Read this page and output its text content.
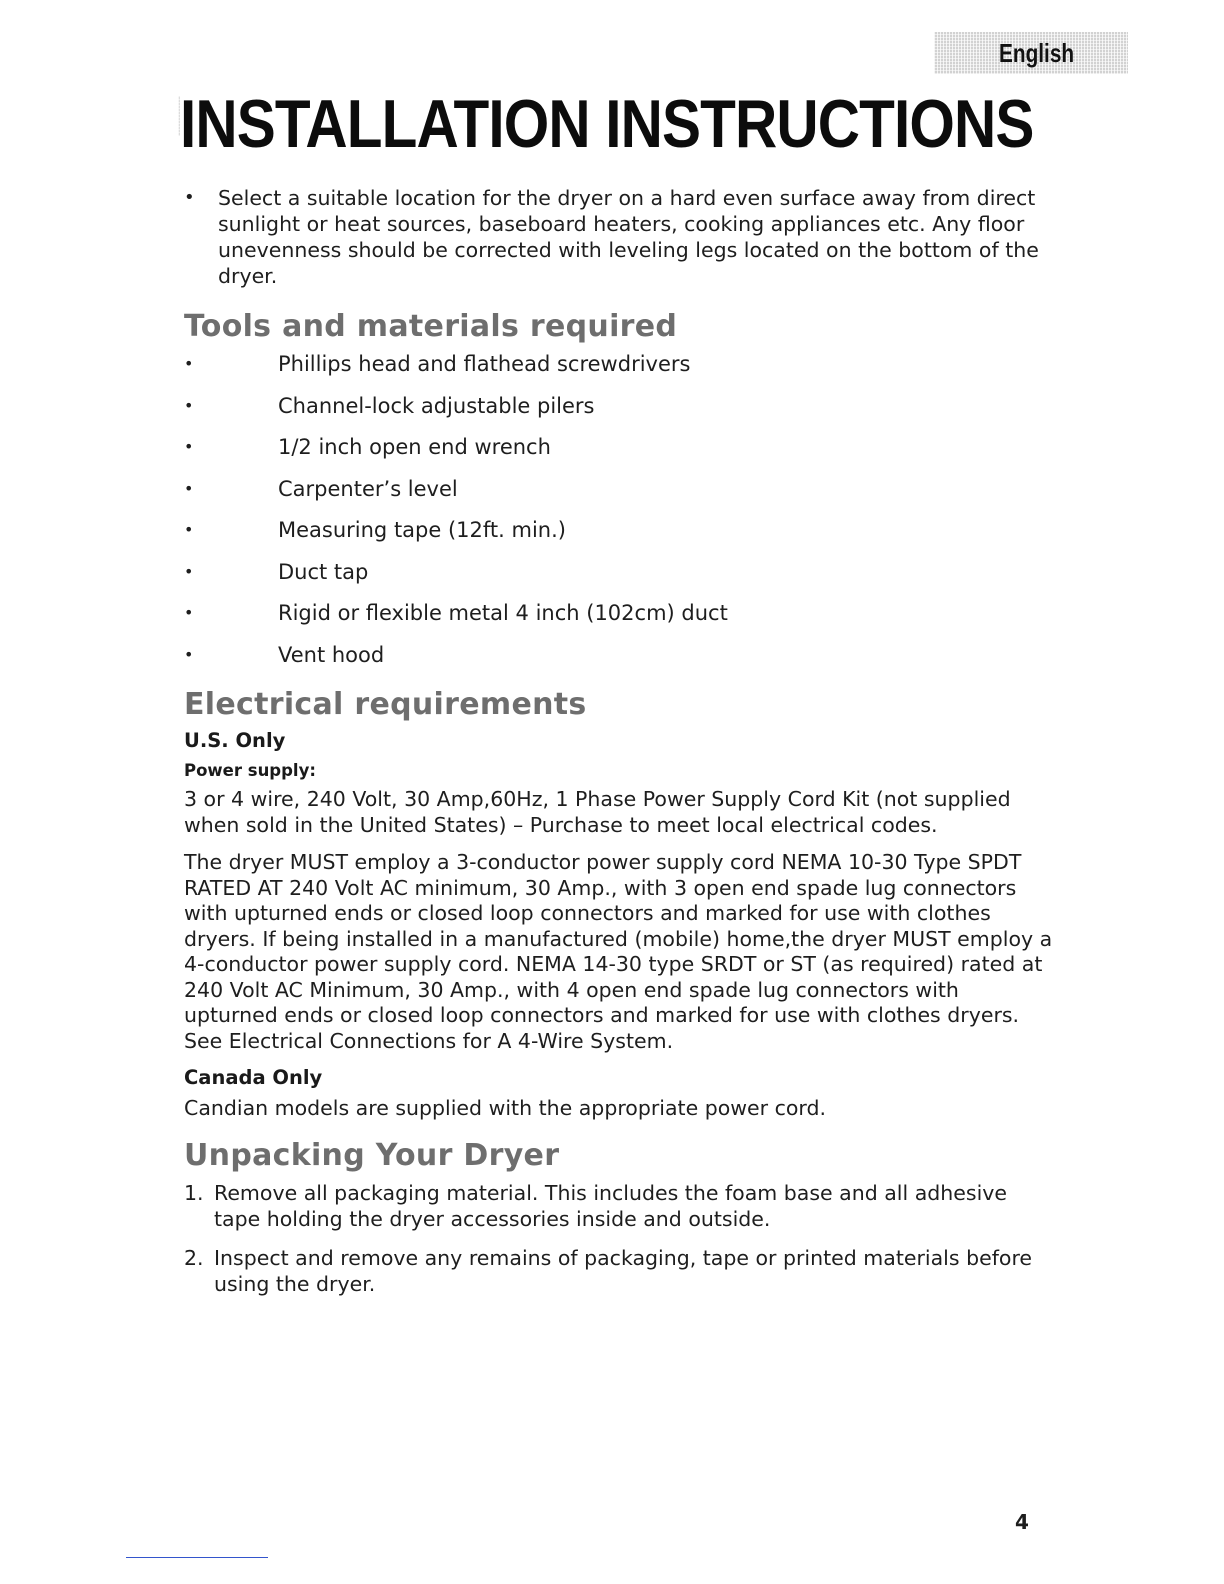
English
INSTALLATION INSTRUCTIONS
• Select a suitable location for the dryer on a hard even surface away from direct sunlight or heat sources, baseboard heaters, cooking appliances etc. Any floor unevenness should be corrected with leveling legs located on the bottom of the dryer.
Tools and materials required
•	Phillips head and flathead screwdrivers
•	Channel-lock adjustable pilers
•	1/2 inch open end wrench
•	Carpenter’s level
•	Measuring tape (12ft. min.)
•	Duct tap
•	Rigid or flexible metal 4 inch (102cm) duct
•	Vent hood
Electrical requirements
U.S. Only
Power supply:

3 or 4 wire, 240 Volt, 30 Amp,60Hz, 1 Phase Power Supply Cord Kit (not supplied when sold in the United States) – Purchase to meet local electrical codes.

The dryer MUST employ a 3-conductor power supply cord NEMA 10-30 Type SPDT RATED AT 240 Volt AC minimum, 30 Amp., with 3 open end spade lug connectors with upturned ends or closed loop connectors and marked for use with clothes dryers. If being installed in a manufactured (mobile) home,the dryer MUST employ a 4-conductor power supply cord. NEMA 14-30 type SRDT or ST (as required) rated at 240 Volt AC Minimum, 30 Amp., with 4 open end spade lug connectors with upturned ends or closed loop connectors and marked for use with clothes dryers. See Electrical Connections for A 4-Wire System.

Canada Only

Candian models are supplied with the appropriate power cord.

Unpacking Your Dryer
1. Remove all packaging material. This includes the foam base and all adhesive tape holding the dryer accessories inside and outside.
2. Inspect and remove any remains of packaging, tape or printed materials before using the dryer.
4
